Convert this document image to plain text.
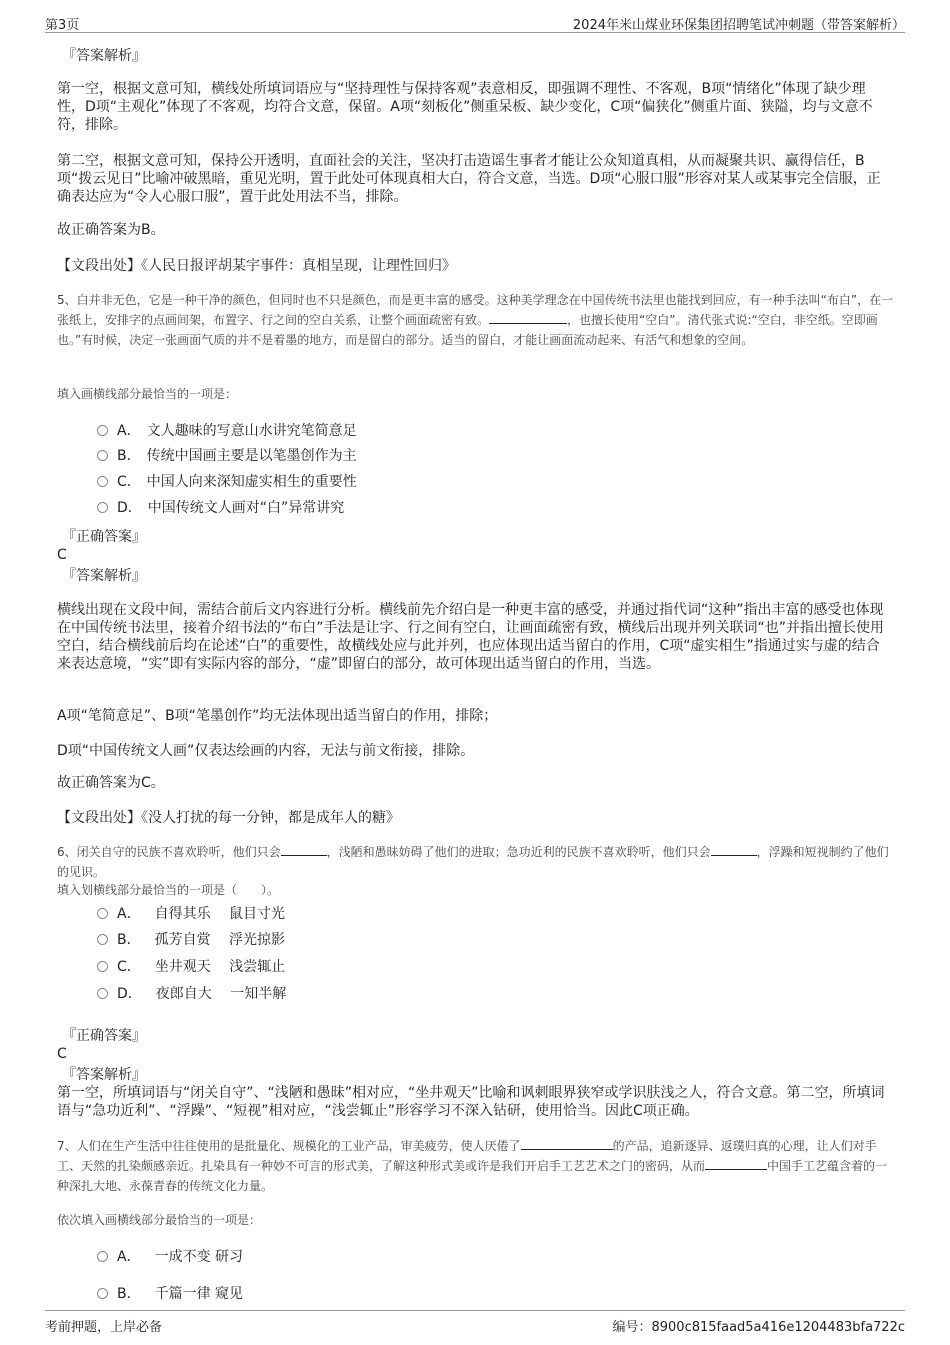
第3页	2024年米山煤业环保集团招聘笔试冲刺题（带答案解析）
『答案解析』
第一空，根据文意可知，横线处所填词语应与“坚持理性与保持客观”表意相反，即强调不理性、不客观，B项“情绪化”体现了缺少理性，D项“主观化”体现了不客观，均符合文意，保留。A项“刻板化”侧重呆板、缺少变化，C项“偏狭化”侧重片面、狭隘，均与文意不符，排除。
第二空，根据文意可知，保持公开透明，直面社会的关注，坚决打击造谣生事者才能让公众知道真相，从而凝聚共识、赢得信任，B项“拨云见日”比喻冲破黑暗，重见光明，置于此处可体现真相大白，符合文意，当选。D项“心服口服”形容对某人或某事完全信服，正确表达应为“令人心服口服”，置于此处用法不当，排除。
故正确答案为B。
【文段出处】《人民日报评胡某宇事件：真相呈现，让理性回归》
5、白并非无色，它是一种干净的颜色，但同时也不只是颜色，而是更丰富的感受。这种美学理念在中国传统书法里也能找到回应，有一种手法叫“布白”，在一张纸上，安排字的点画间架，布置字、行之间的空白关系，让整个画面疏密有致。	，也擅长使用“空白”。清代张式说:“空白，非空纸。空即画也。”有时候，决定一张画面气质的并不是着墨的地方，而是留白的部分。适当的留白，才能让画面流动起来、有活气和想象的空间。
填入画横线部分最恰当的一项是：
A． 文人趣味的写意山水讲究笔简意足
B． 传统中国画主要是以笔墨创作为主
C． 中国人向来深知虚实相生的重要性
D． 中国传统文人画对“白”异常讲究
『正确答案』
C
『答案解析』
横线出现在文段中间，需结合前后文内容进行分析。横线前先介绍白是一种更丰富的感受，并通过指代词“这种”指出丰富的感受也体现在中国传统书法里，接着介绍书法的“布白”手法是让字、行之间有空白，让画面疏密有致，横线后出现并列关联词“也”并指出擅长使用空白，结合横线前后均在论述“白”的重要性，故横线处应与此并列，也应体现出适当留白的作用，C项“虚实相生”指通过实与虚的结合来表达意境，“实”即有实际内容的部分，“虚”即留白的部分，故可体现出适当留白的作用，当选。
A项“笔简意足”、B项“笔墨创作”均无法体现出适当留白的作用，排除；
D项“中国传统文人画”仅表达绘画的内容，无法与前文衔接，排除。
故正确答案为C。
【文段出处】《没人打扰的每一分钟，都是成年人的糖》
6、闭关自守的民族不喜欢聆听，他们只会	，浅陋和愚昧妨碍了他们的进取；急功近利的民族不喜欢聆听，他们只会	，浮躁和短视制约了他们的见识。
填入划横线部分最恰当的一项是（　　）。
A． 自得其乐　 鼠目寸光
B． 孤芳自赏　 浮光掠影
C． 坐井观天　 浅尝辄止
D． 夜郎自大　 一知半解
『正确答案』
C
『答案解析』
第一空，所填词语与“闭关自守”、“浅陋和愚昧”相对应，“坐井观天”比喻和讽刺眼界狭窄或学识肤浅之人，符合文意。第二空，所填词语与“急功近利”、“浮躁”、“短视”相对应，“浅尝辄止”形容学习不深入钻研，使用恰当。因此C项正确。
7、人们在生产生活中往往使用的是批量化、规模化的工业产品，审美疲劳，使人厌倦了	的产品，追新逐异、返璞归真的心理，让人们对手工、天然的扎染颇感亲近。扎染具有一种妙不可言的形式美，了解这种形式美或许是我们开启手工艺艺术之门的密码，从而	中国手工艺蕴含着的一种深扎大地、永葆青春的传统文化力量。
依次填入画横线部分最恰当的一项是：
A． 一成不变 研习
B． 千篇一律 窥见
考前押题，上岸必备	编号：8900c815faad5a416e1204483bfa722c
